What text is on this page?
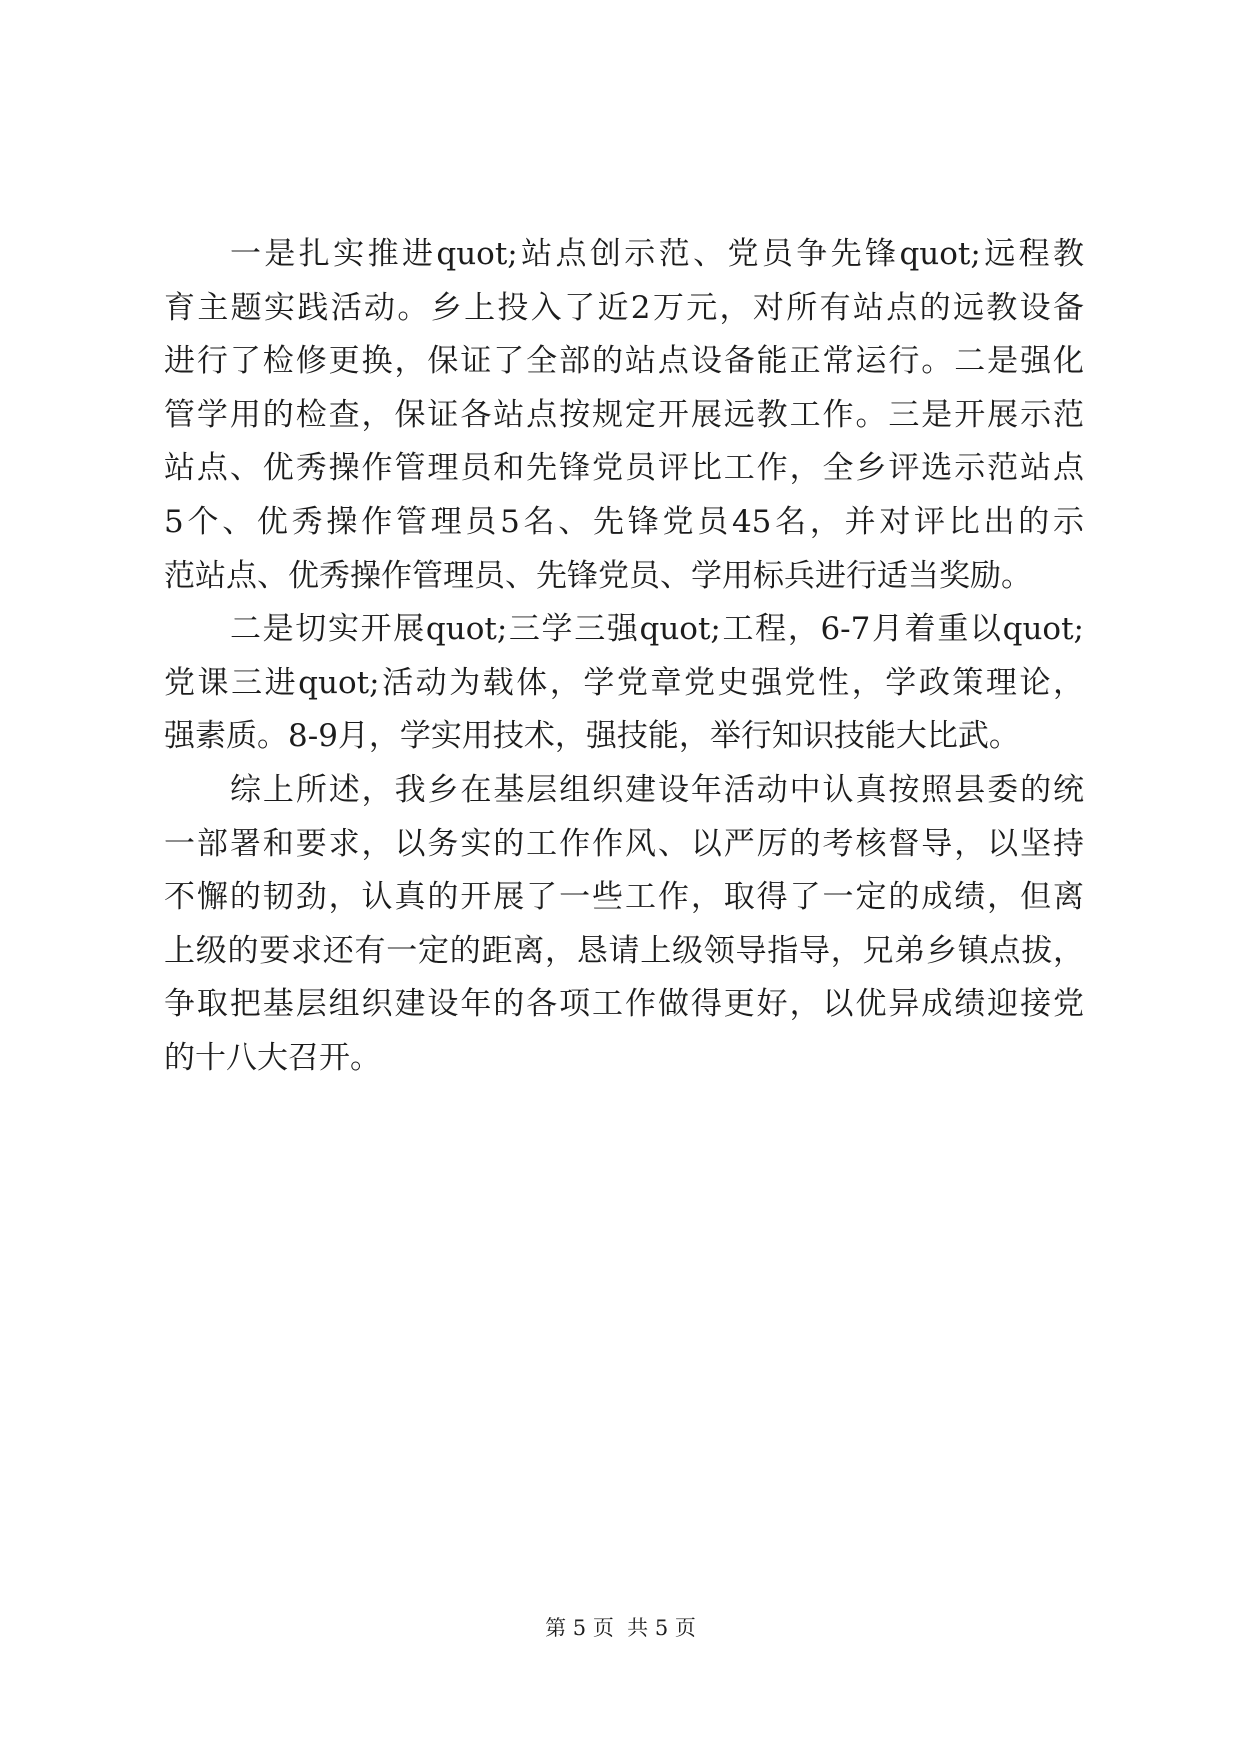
一是扎实推进quot;站点创示范、党员争先锋quot;远程教
育主题实践活动。乡上投入了近2万元，对所有站点的远教设备
进行了检修更换，保证了全部的站点设备能正常运行。二是强化
管学用的检查，保证各站点按规定开展远教工作。三是开展示范
站点、优秀操作管理员和先锋党员评比工作，全乡评选示范站点
5个、优秀操作管理员5名、先锋党员45名，并对评比出的示
范站点、优秀操作管理员、先锋党员、学用标兵进行适当奖励。
二是切实开展quot;三学三强quot;工程，6-7月着重以quot;
党课三进quot;活动为载体，学党章党史强党性，学政策理论，
强素质。8-9月，学实用技术，强技能，举行知识技能大比武。
综上所述，我乡在基层组织建设年活动中认真按照县委的统
一部署和要求，以务实的工作作风、以严厉的考核督导，以坚持
不懈的韧劲，认真的开展了一些工作，取得了一定的成绩，但离
上级的要求还有一定的距离，恳请上级领导指导，兄弟乡镇点拔，
争取把基层组织建设年的各项工作做得更好，以优异成绩迎接党
的十八大召开。
第 5 页  共 5 页
